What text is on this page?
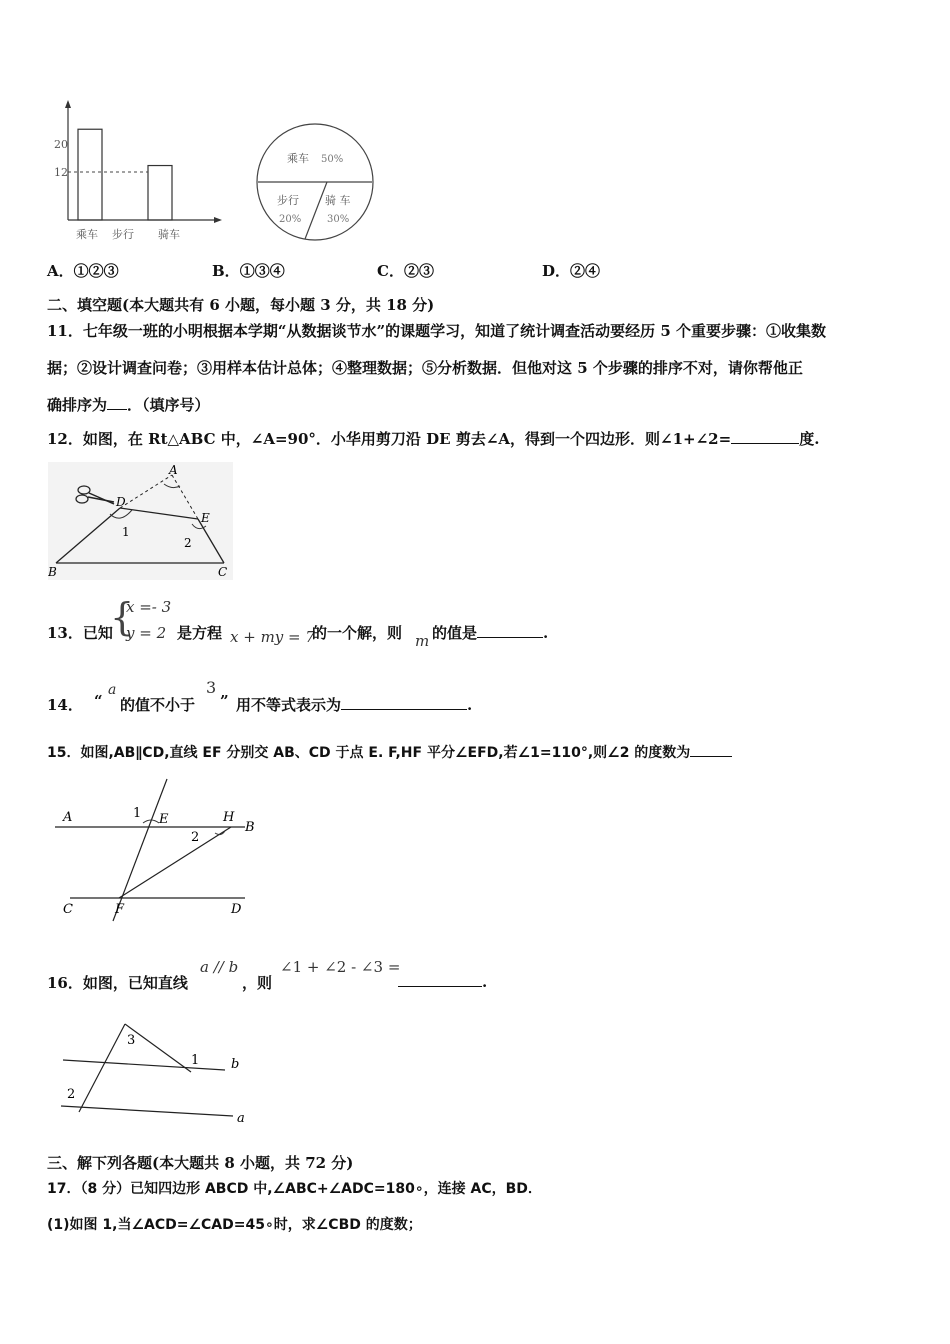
20
12
乘车 步行 骑车
乘车 50%
步行
20%
骑 车
30%
A．①②③	B．①③④	C．②③	D．②④
二、填空题(本大题共有 6 小题，每小题 3 分，共 18 分)
11．七年级一班的小明根据本学期“从数据谈节水”的课题学习，知道了统计调查活动要经历 5 个重要步骤：①收集数
据；②设计调查问卷；③用样本估计总体；④整理数据；⑤分析数据．但他对这 5 个步骤的排序不对，请你帮他正
确排序为 ．（填序号）
12．如图，在 Rt△ABC 中，∠A=90°．小华用剪刀沿 DE 剪去∠A，得到一个四边形．则∠1+∠2=	度.
A
D
E
1
2
B	C
13．已知
{
x =- 3
y = 2 是方程 x + my = 7
的一个解，则 m 的值是	.
14． “
a
的值不小于
3
” 用不等式表示为	.
15．如图,AB∥CD,直线 EF 分别交 AB、CD 于点 E. F,HF 平分∠EFD,若∠1=110°,则∠2 的度数为
A	1 E	H
B
2
C	F	D
16．如图，已知直线
a // b
，则
∠1 + ∠2 - ∠3 =
.
3
1 b
2
a
三、解下列各题(本大题共 8 小题，共 72 分)
17．（8 分）已知四边形 ABCD 中,∠ABC+∠ADC=180∘，连接 AC，BD．
(1)如图 1,当∠ACD=∠CAD=45∘时，求∠CBD 的度数；
